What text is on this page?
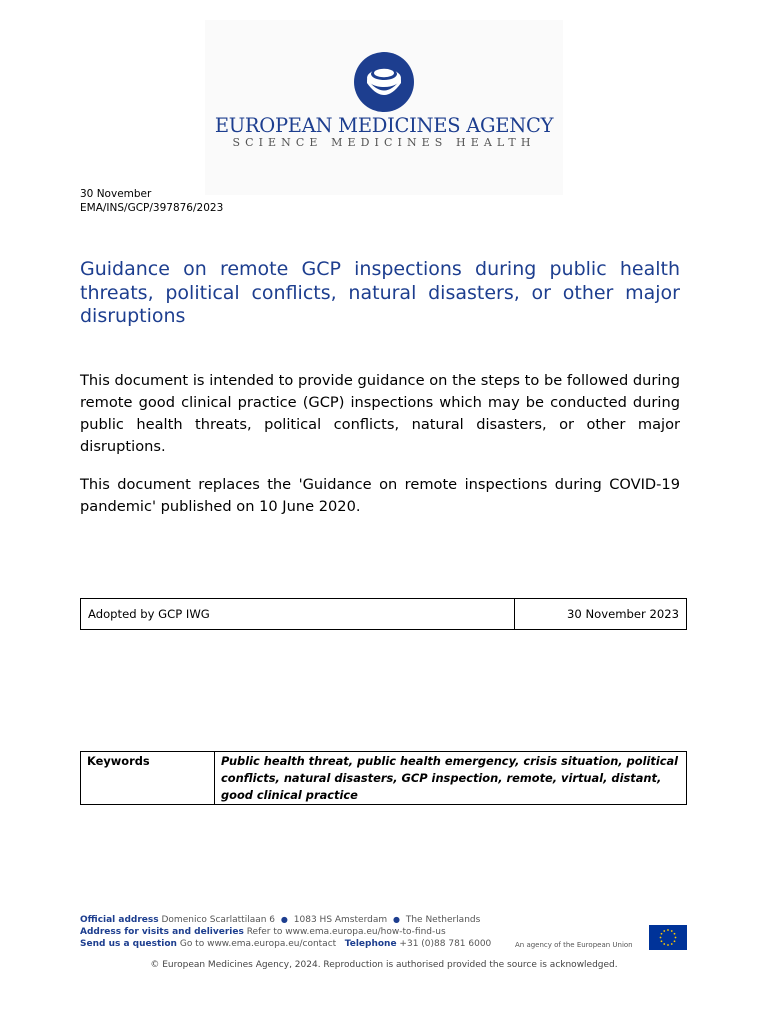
EUROPEAN MEDICINES AGENCY
SCIENCE MEDICINES HEALTH
30 November
EMA/INS/GCP/397876/2023
Guidance on remote GCP inspections during public health threats, political conflicts, natural disasters, or other major disruptions

This document is intended to provide guidance on the steps to be followed during remote good clinical practice (GCP) inspections which may be conducted during public health threats, political conflicts, natural disasters, or other major disruptions.

This document replaces the 'Guidance on remote inspections during COVID-19 pandemic' published on 10 June 2020.

Adopted by GCP IWG	30 November 2023
Keywords	Public health threat, public health emergency, crisis situation, political conflicts, natural disasters, GCP inspection, remote, virtual, distant, good clinical practice
Official address Domenico Scarlattilaan 6 ● 1083 HS Amsterdam ● The Netherlands
Address for visits and deliveries Refer to www.ema.europa.eu/how-to-find-us
Send us a question Go to www.ema.europa.eu/contact Telephone +31 (0)88 781 6000	An agency of the European Union
© European Medicines Agency, 2024. Reproduction is authorised provided the source is acknowledged.
